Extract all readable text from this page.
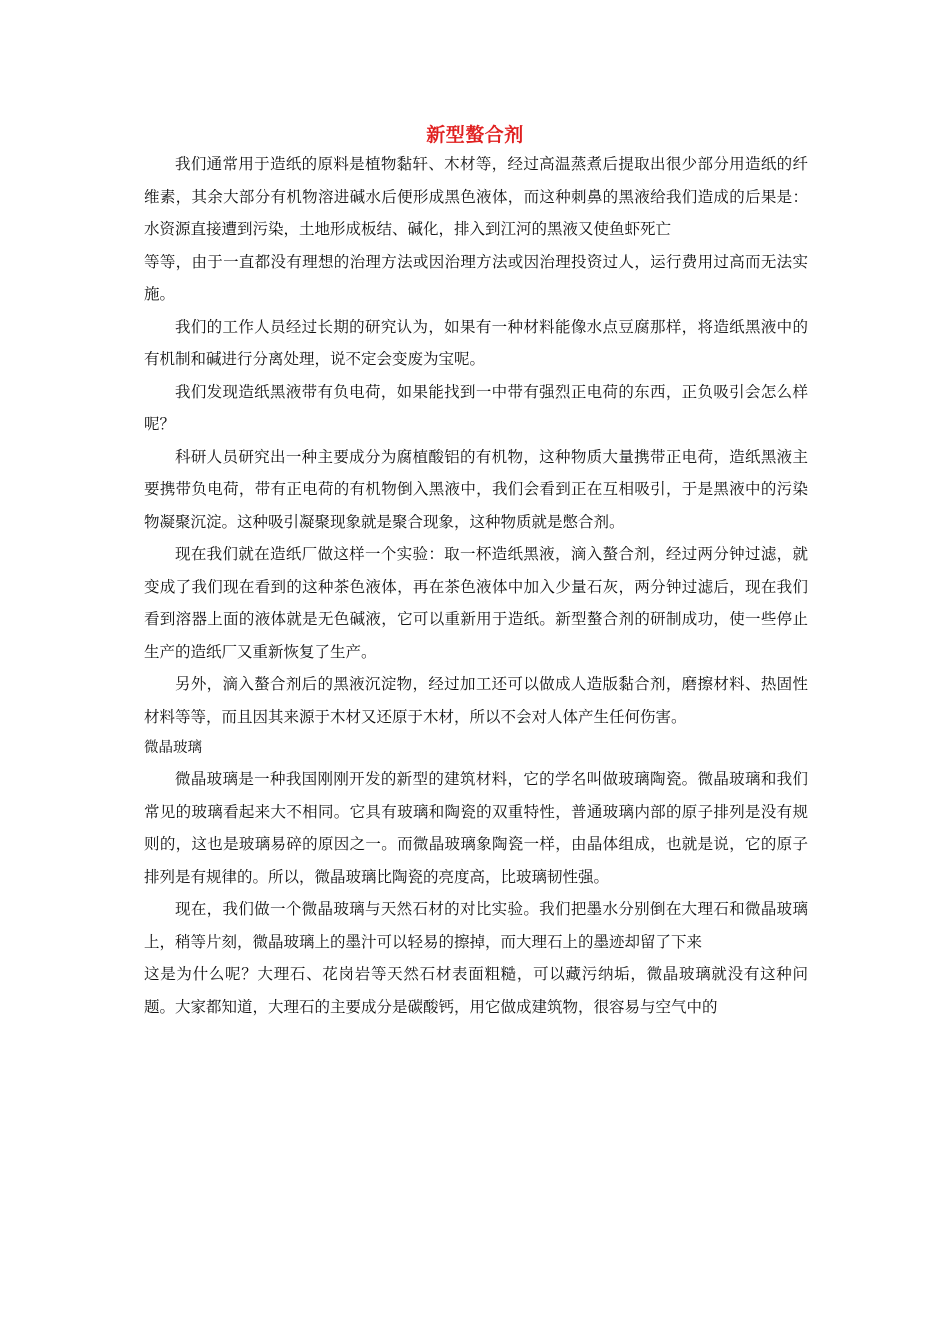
新型螯合剂

我们通常用于造纸的原料是植物黏轩、木材等，经过高温蒸煮后提取出很少部分用造纸的纤维素，其余大部分有机物溶进碱水后便形成黑色液体，而这种刺鼻的黑液给我们造成的后果是：水资源直接遭到污染，土地形成板结、碱化，排入到江河的黑液又使鱼虾死亡

等等，由于一直都没有理想的治理方法或因治理方法或因治理投资过人，运行费用过高而无法实施。

我们的工作人员经过长期的研究认为，如果有一种材料能像水点豆腐那样，将造纸黑液中的有机制和碱进行分离处理，说不定会变废为宝呢。

我们发现造纸黑液带有负电荷，如果能找到一中带有强烈正电荷的东西，正负吸引会怎么样呢？

科研人员研究出一种主要成分为腐植酸铝的有机物，这种物质大量携带正电荷，造纸黑液主要携带负电荷，带有正电荷的有机物倒入黑液中，我们会看到正在互相吸引，于是黑液中的污染物凝聚沉淀。这种吸引凝聚现象就是聚合现象，这种物质就是憋合剂。

现在我们就在造纸厂做这样一个实验：取一杯造纸黑液，滴入螯合剂，经过两分钟过滤，就变成了我们现在看到的这种茶色液体，再在茶色液体中加入少量石灰，两分钟过滤后，现在我们看到溶器上面的液体就是无色碱液，它可以重新用于造纸。新型螯合剂的研制成功，使一些停止生产的造纸厂又重新恢复了生产。

另外，滴入螯合剂后的黑液沉淀物，经过加工还可以做成人造版黏合剂，磨擦材料、热固性材料等等，而且因其来源于木材又还原于木材，所以不会对人体产生任何伤害。

微晶玻璃

微晶玻璃是一种我国刚刚开发的新型的建筑材料，它的学名叫做玻璃陶瓷。微晶玻璃和我们常见的玻璃看起来大不相同。它具有玻璃和陶瓷的双重特性，普通玻璃内部的原子排列是没有规则的，这也是玻璃易碎的原因之一。而微晶玻璃象陶瓷一样，由晶体组成，也就是说，它的原子排列是有规律的。所以，微晶玻璃比陶瓷的亮度高，比玻璃韧性强。

现在，我们做一个微晶玻璃与天然石材的对比实验。我们把墨水分别倒在大理石和微晶玻璃上，稍等片刻，微晶玻璃上的墨汁可以轻易的擦掉，而大理石上的墨迹却留了下来

这是为什么呢？大理石、花岗岩等天然石材表面粗糙，可以藏污纳垢，微晶玻璃就没有这种问题。大家都知道，大理石的主要成分是碳酸钙，用它做成建筑物，很容易与空气中的
